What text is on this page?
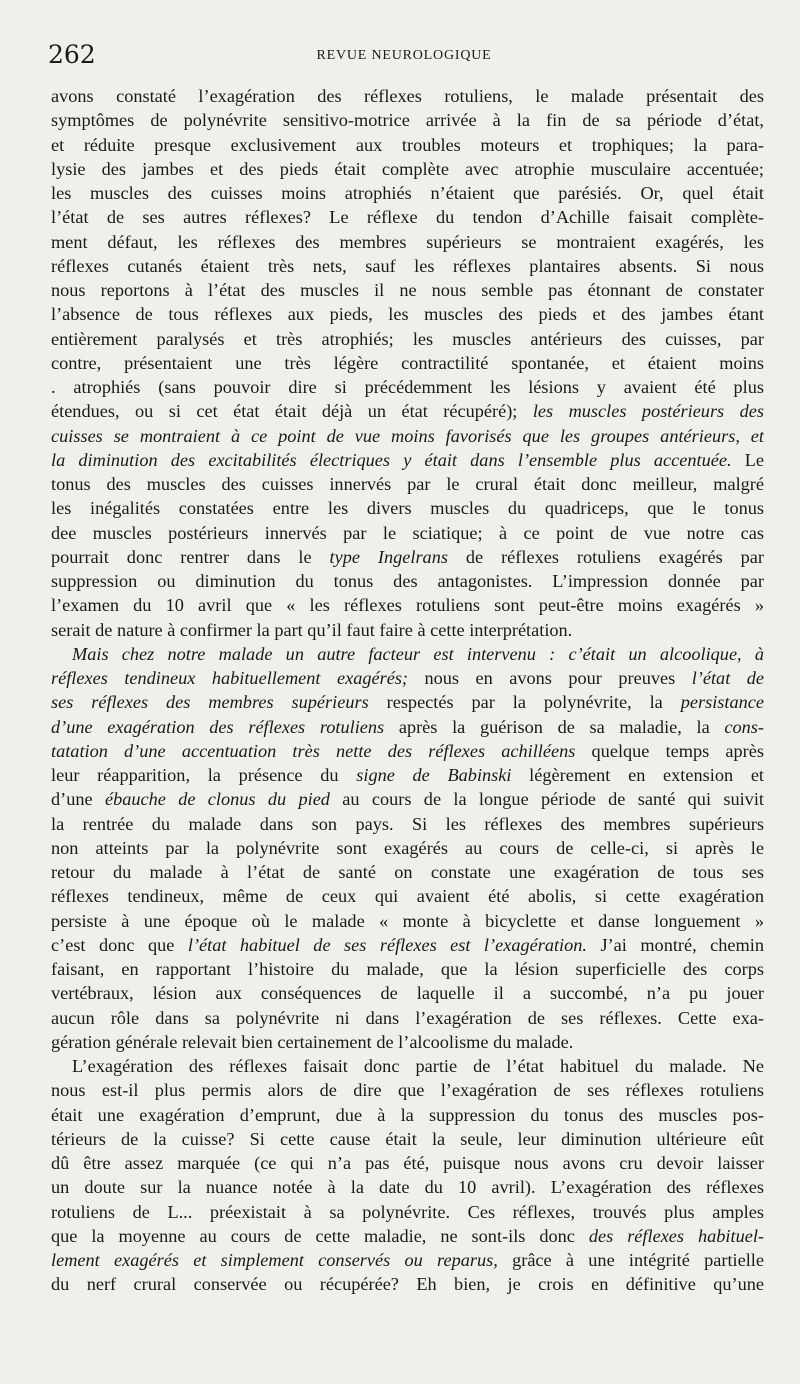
262	REVUE NEUROLOGIQUE
avons constaté l’exagération des réflexes rotuliens, le malade présentait des
symptômes de polynévrite sensitivo-motrice arrivée à la fin de sa période d’état,
et réduite presque exclusivement aux troubles moteurs et trophiques; la para-
lysie des jambes et des pieds était complète avec atrophie musculaire accentuée;
les muscles des cuisses moins atrophiés n’étaient que parésiés. Or, quel était
l’état de ses autres réflexes? Le réflexe du tendon d’Achille faisait complète-
ment défaut, les réflexes des membres supérieurs se montraient exagérés, les
réflexes cutanés étaient très nets, sauf les réflexes plantaires absents. Si nous
nous reportons à l’état des muscles il ne nous semble pas étonnant de constater
l’absence de tous réflexes aux pieds, les muscles des pieds et des jambes étant
entièrement paralysés et très atrophiés; les muscles antérieurs des cuisses, par
contre, présentaient une très légère contractilité spontanée, et étaient moins
. atrophiés (sans pouvoir dire si précédemment les lésions y avaient été plus
étendues, ou si cet état était déjà un état récupéré); les muscles postérieurs des
cuisses se montraient à ce point de vue moins favorisés que les groupes antérieurs, et
la diminution des excitabilités électriques y était dans l’ensemble plus accentuée. Le
tonus des muscles des cuisses innervés par le crural était donc meilleur, malgré
les inégalités constatées entre les divers muscles du quadriceps, que le tonus
dee muscles postérieurs innervés par le sciatique; à ce point de vue notre cas
pourrait donc rentrer dans le type Ingelrans de réflexes rotuliens exagérés par
suppression ou diminution du tonus des antagonistes. L’impression donnée par
l’examen du 10 avril que « les réflexes rotuliens sont peut-être moins exagérés »
serait de nature à confirmer la part qu’il faut faire à cette interprétation.
Mais chez notre malade un autre facteur est intervenu : c’était un alcoolique, à
réflexes tendineux habituellement exagérés; nous en avons pour preuves l’état de
ses réflexes des membres supérieurs respectés par la polynévrite, la persistance
d’une exagération des réflexes rotuliens après la guérison de sa maladie, la cons-
tatation d’une accentuation très nette des réflexes achilléens quelque temps après
leur réapparition, la présence du signe de Babinski légèrement en extension et
d’une ébauche de clonus du pied au cours de la longue période de santé qui suivit
la rentrée du malade dans son pays. Si les réflexes des membres supérieurs
non atteints par la polynévrite sont exagérés au cours de celle-ci, si après le
retour du malade à l’état de santé on constate une exagération de tous ses
réflexes tendineux, même de ceux qui avaient été abolis, si cette exagération
persiste à une époque où le malade « monte à bicyclette et danse longuement »
c’est donc que l’état habituel de ses réflexes est l’exagération. J’ai montré, chemin
faisant, en rapportant l’histoire du malade, que la lésion superficielle des corps
vertébraux, lésion aux conséquences de laquelle il a succombé, n’a pu jouer
aucun rôle dans sa polynévrite ni dans l’exagération de ses réflexes. Cette exa-
gération générale relevait bien certainement de l’alcoolisme du malade.
L’exagération des réflexes faisait donc partie de l’état habituel du malade. Ne
nous est-il plus permis alors de dire que l’exagération de ses réflexes rotuliens
était une exagération d’emprunt, due à la suppression du tonus des muscles pos-
térieurs de la cuisse? Si cette cause était la seule, leur diminution ultérieure eût
dû être assez marquée (ce qui n’a pas été, puisque nous avons cru devoir laisser
un doute sur la nuance notée à la date du 10 avril). L’exagération des réflexes
rotuliens de L... préexistait à sa polynévrite. Ces réflexes, trouvés plus amples
que la moyenne au cours de cette maladie, ne sont-ils donc des réflexes habituel-
lement exagérés et simplement conservés ou reparus, grâce à une intégrité partielle
du nerf crural conservée ou récupérée? Eh bien, je crois en définitive qu’une
